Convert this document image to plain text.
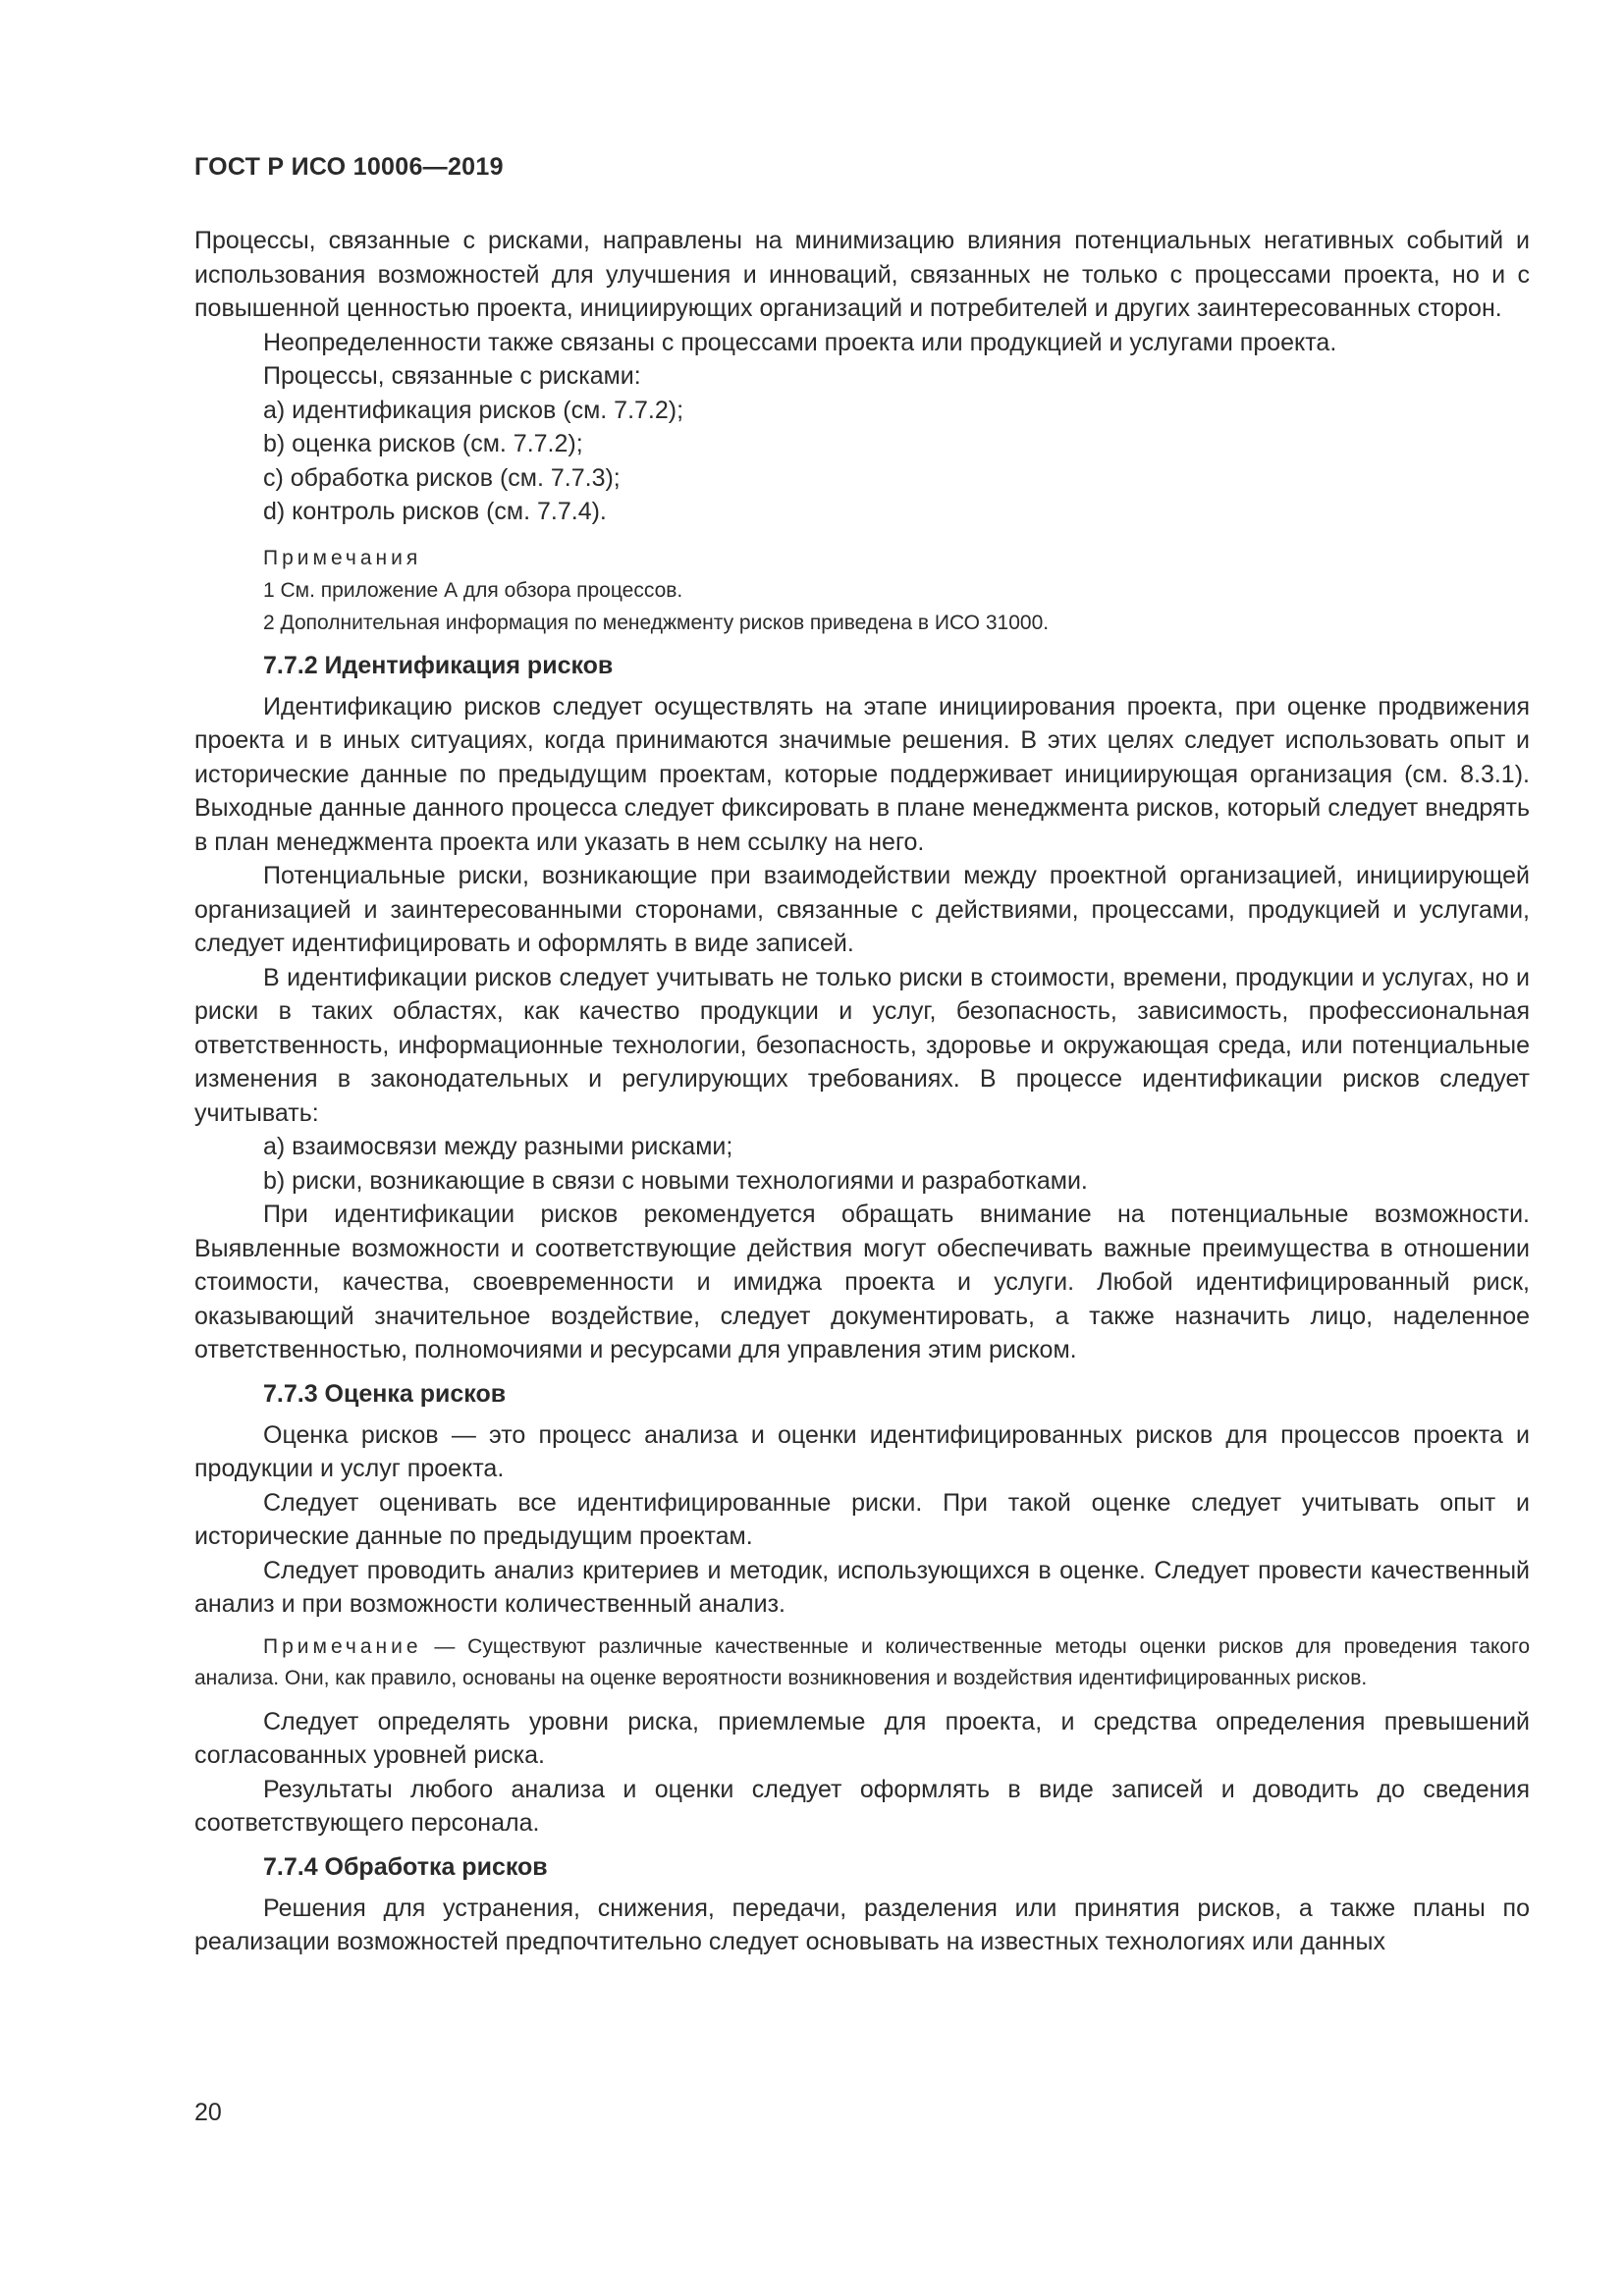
ГОСТ Р ИСО 10006—2019

Процессы, связанные с рисками, направлены на минимизацию влияния потенциальных негативных событий и использования возможностей для улучшения и инноваций, связанных не только с процессами проекта, но и с повышенной ценностью проекта, инициирующих организаций и потребителей и других заинтересованных сторон.

Неопределенности также связаны с процессами проекта или продукцией и услугами проекта.

Процессы, связанные с рисками:

a) идентификация рисков (см. 7.7.2);

b) оценка рисков (см. 7.7.2);

c) обработка рисков (см. 7.7.3);

d) контроль рисков (см. 7.7.4).

Примечания
1 См. приложение А для обзора процессов.
2 Дополнительная информация по менеджменту рисков приведена в ИСО 31000.
7.7.2 Идентификация рисков

Идентификацию рисков следует осуществлять на этапе инициирования проекта, при оценке продвижения проекта и в иных ситуациях, когда принимаются значимые решения. В этих целях следует использовать опыт и исторические данные по предыдущим проектам, которые поддерживает инициирующая организация (см. 8.3.1). Выходные данные данного процесса следует фиксировать в плане менеджмента рисков, который следует внедрять в план менеджмента проекта или указать в нем ссылку на него.

Потенциальные риски, возникающие при взаимодействии между проектной организацией, инициирующей организацией и заинтересованными сторонами, связанные с действиями, процессами, продукцией и услугами, следует идентифицировать и оформлять в виде записей.

В идентификации рисков следует учитывать не только риски в стоимости, времени, продукции и услугах, но и риски в таких областях, как качество продукции и услуг, безопасность, зависимость, профессиональная ответственность, информационные технологии, безопасность, здоровье и окружающая среда, или потенциальные изменения в законодательных и регулирующих требованиях. В процессе идентификации рисков следует учитывать:

a) взаимосвязи между разными рисками;

b) риски, возникающие в связи с новыми технологиями и разработками.

При идентификации рисков рекомендуется обращать внимание на потенциальные возможности. Выявленные возможности и соответствующие действия могут обеспечивать важные преимущества в отношении стоимости, качества, своевременности и имиджа проекта и услуги. Любой идентифицированный риск, оказывающий значительное воздействие, следует документировать, а также назначить лицо, наделенное ответственностью, полномочиями и ресурсами для управления этим риском.

7.7.3 Оценка рисков

Оценка рисков — это процесс анализа и оценки идентифицированных рисков для процессов проекта и продукции и услуг проекта.

Следует оценивать все идентифицированные риски. При такой оценке следует учитывать опыт и исторические данные по предыдущим проектам.

Следует проводить анализ критериев и методик, использующихся в оценке. Следует провести качественный анализ и при возможности количественный анализ.

Примечание — Существуют различные качественные и количественные методы оценки рисков для проведения такого анализа. Они, как правило, основаны на оценке вероятности возникновения и воздействия идентифицированных рисков.

Следует определять уровни риска, приемлемые для проекта, и средства определения превышений согласованных уровней риска.

Результаты любого анализа и оценки следует оформлять в виде записей и доводить до сведения соответствующего персонала.

7.7.4 Обработка рисков

Решения для устранения, снижения, передачи, разделения или принятия рисков, а также планы по реализации возможностей предпочтительно следует основывать на известных технологиях или данных

20
